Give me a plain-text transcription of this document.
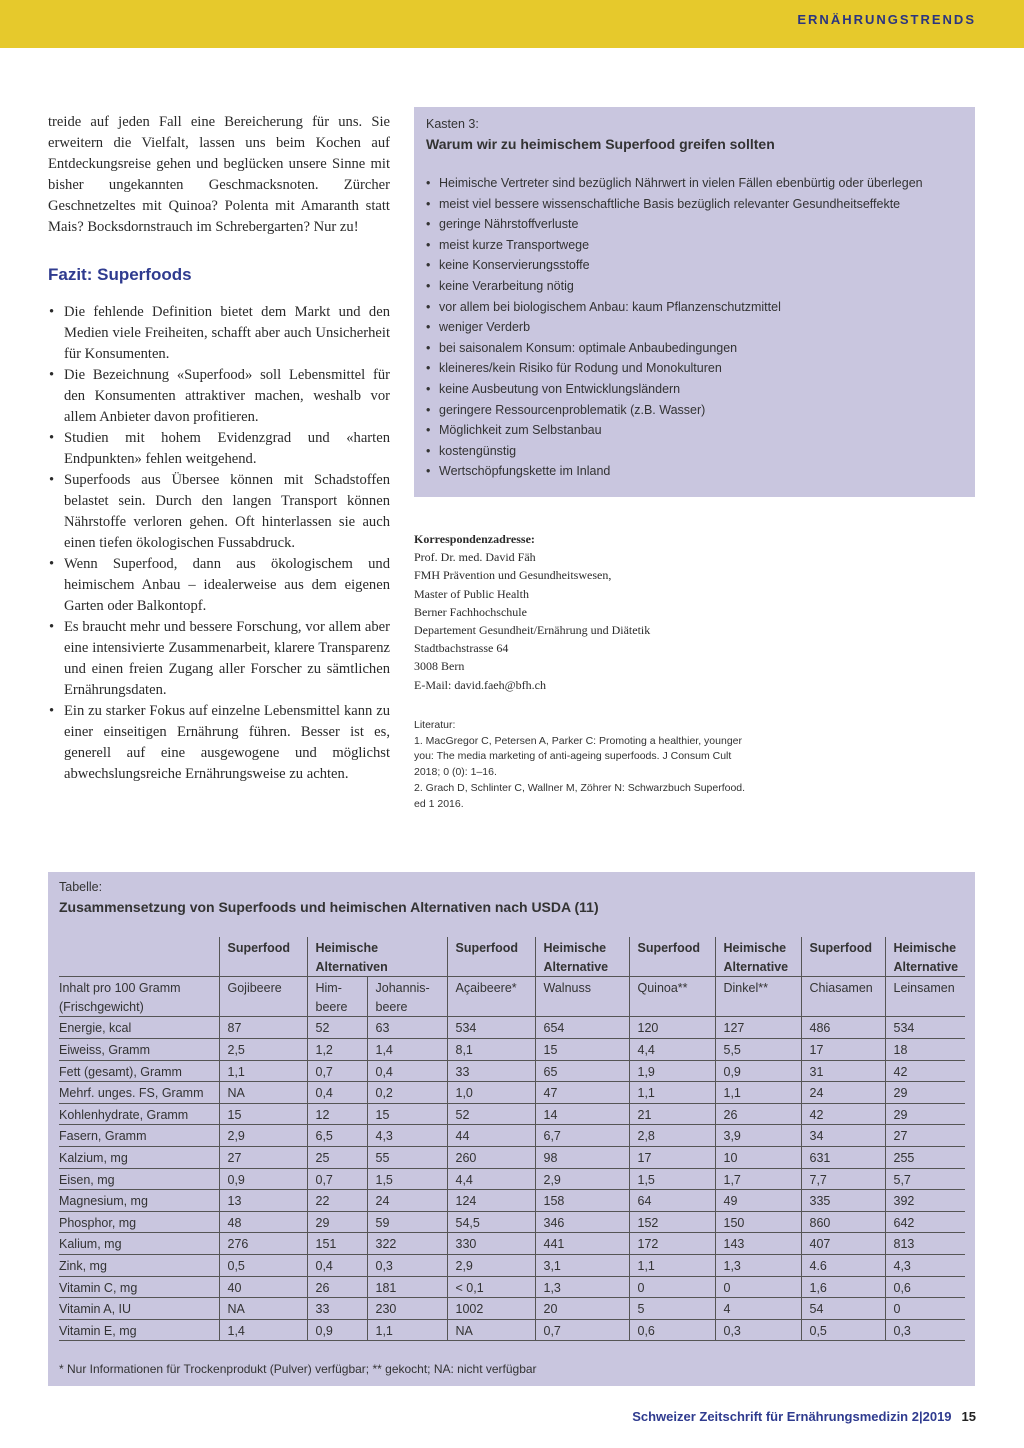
ERNÄHRUNGSTRENDS

treide auf jeden Fall eine Bereicherung für uns. Sie erweitern die Vielfalt, lassen uns beim Kochen auf Entdeckungsreise gehen und beglücken unsere Sinne mit bisher ungekannten Geschmacksnoten. Zürcher Geschnetzeltes mit Quinoa? Polenta mit Amaranth statt Mais? Bocksdornstrauch im Schrebergarten? Nur zu!

Fazit: Superfoods
• Die fehlende Definition bietet dem Markt und den Medien viele Freiheiten, schafft aber auch Unsicherheit für Konsumenten.
• Die Bezeichnung «Superfood» soll Lebensmittel für den Konsumenten attraktiver machen, weshalb vor allem Anbieter davon profitieren.
• Studien mit hohem Evidenzgrad und «harten Endpunkten» fehlen weitgehend.
• Superfoods aus Übersee können mit Schadstoffen belastet sein. Durch den langen Transport können Nährstoffe verloren gehen. Oft hinterlassen sie auch einen tiefen ökologischen Fussabdruck.
• Wenn Superfood, dann aus ökologischem und heimischem Anbau – idealerweise aus dem eigenen Garten oder Balkontopf.
• Es braucht mehr und bessere Forschung, vor allem aber eine intensivierte Zusammenarbeit, klarere Transparenz und einen freien Zugang aller Forscher zu sämtlichen Ernährungsdaten.
• Ein zu starker Fokus auf einzelne Lebensmittel kann zu einer einseitigen Ernährung führen. Besser ist es, generell auf eine ausgewogene und möglichst abwechslungsreiche Ernährungsweise zu achten.
Kasten 3:
Warum wir zu heimischem Superfood greifen sollten
• Heimische Vertreter sind bezüglich Nährwert in vielen Fällen ebenbürtig oder überlegen
• meist viel bessere wissenschaftliche Basis bezüglich relevanter Gesundheitseffekte
• geringe Nährstoffverluste
• meist kurze Transportwege
• keine Konservierungsstoffe
• keine Verarbeitung nötig
• vor allem bei biologischem Anbau: kaum Pflanzenschutzmittel
• weniger Verderb
• bei saisonalem Konsum: optimale Anbaubedingungen
• kleineres/kein Risiko für Rodung und Monokulturen
• keine Ausbeutung von Entwicklungsländern
• geringere Ressourcenproblematik (z.B. Wasser)
• Möglichkeit zum Selbstanbau
• kostengünstig
• Wertschöpfungskette im Inland
Korrespondenzadresse:
Prof. Dr. med. David Fäh
FMH Prävention und Gesundheitswesen,
Master of Public Health
Berner Fachhochschule
Departement Gesundheit/Ernährung und Diätetik
Stadtbachstrasse 64
3008 Bern
E-Mail: david.faeh@bfh.ch
Literatur:
1. MacGregor C, Petersen A, Parker C: Promoting a healthier, younger
you: The media marketing of anti-ageing superfoods. J Consum Cult
2018; 0 (0): 1–16.
2. Grach D, Schlinter C, Wallner M, Zöhrer N: Schwarzbuch Superfood.
ed 1 2016.
Tabelle:
Zusammensetzung von Superfoods und heimischen Alternativen nach USDA (11)
	Superfood	Heimische Alternativen		Superfood	Heimische Alternative	Superfood	Heimische Alternative	Superfood	Heimische Alternative
Inhalt pro 100 Gramm (Frischgewicht)	Gojibeere	Him-
beere	Johannis-
beere	Açaibeere*	Walnuss	Quinoa**	Dinkel**	Chiasamen	Leinsamen
Energie, kcal	87	52	63	534	654	120	127	486	534
Eiweiss, Gramm	2,5	1,2	1,4	8,1	15	4,4	5,5	17	18
Fett (gesamt), Gramm	1,1	0,7	0,4	33	65	1,9	0,9	31	42
Mehrf. unges. FS, Gramm	NA	0,4	0,2	1,0	47	1,1	1,1	24	29
Kohlenhydrate, Gramm	15	12	15	52	14	21	26	42	29
Fasern, Gramm	2,9	6,5	4,3	44	6,7	2,8	3,9	34	27
Kalzium, mg	27	25	55	260	98	17	10	631	255
Eisen, mg	0,9	0,7	1,5	4,4	2,9	1,5	1,7	7,7	5,7
Magnesium, mg	13	22	24	124	158	64	49	335	392
Phosphor, mg	48	29	59	54,5	346	152	150	860	642
Kalium, mg	276	151	322	330	441	172	143	407	813
Zink, mg	0,5	0,4	0,3	2,9	3,1	1,1	1,3	4.6	4,3
Vitamin C, mg	40	26	181	< 0,1	1,3	0	0	1,6	0,6
Vitamin A, IU	NA	33	230	1002	20	5	4	54	0
Vitamin E, mg	1,4	0,9	1,1	NA	0,7	0,6	0,3	0,5	0,3
* Nur Informationen für Trockenprodukt (Pulver) verfügbar; ** gekocht; NA: nicht verfügbar
Schweizer Zeitschrift für Ernährungsmedizin 2|2019 15
